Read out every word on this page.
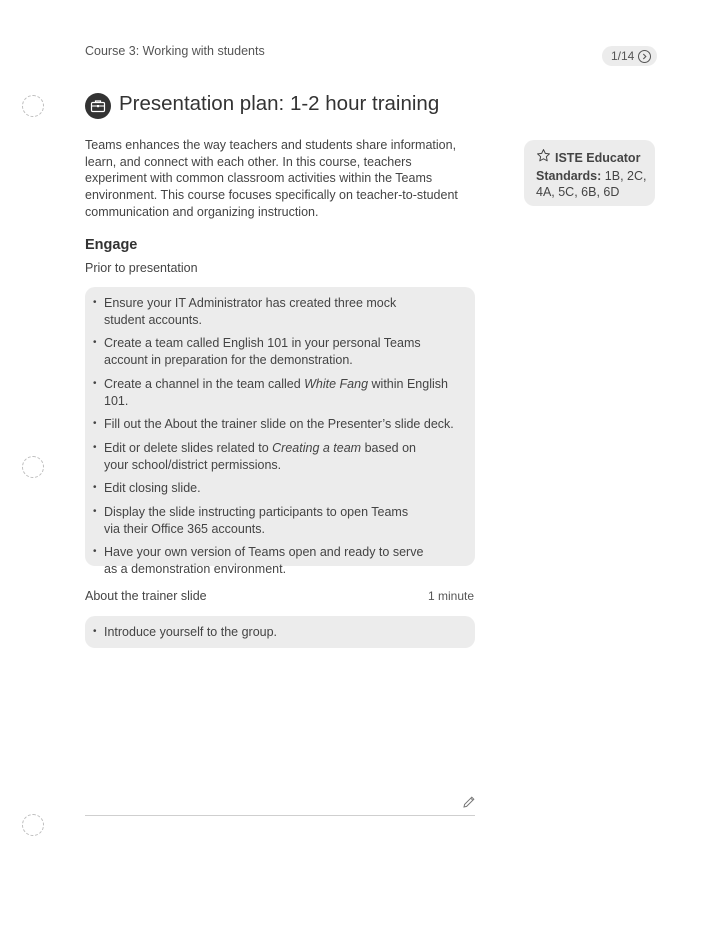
Course 3: Working with students	1/14
Presentation plan: 1-2 hour training

Teams enhances the way teachers and students share information, learn, and connect with each other. In this course, teachers experiment with common classroom activities within the Teams environment. This course focuses specifically on teacher-to-student communication and organizing instruction.

ISTE Educator
Standards: 1B, 2C,
4A, 5C, 6B, 6D
Engage
Prior to presentation
• Ensure your IT Administrator has created three mock
student accounts.
• Create a team called English 101 in your personal Teams
account in preparation for the demonstration.
• Create a channel in the team called White Fang within English 101.
• Fill out the About the trainer slide on the Presenter’s slide deck.
• Edit or delete slides related to Creating a team based on
your school/district permissions.
• Edit closing slide.
• Display the slide instructing participants to open Teams
via their Office 365 accounts.
• Have your own version of Teams open and ready to serve
as a demonstration environment.
About the trainer slide	1 minute
• Introduce yourself to the group.
